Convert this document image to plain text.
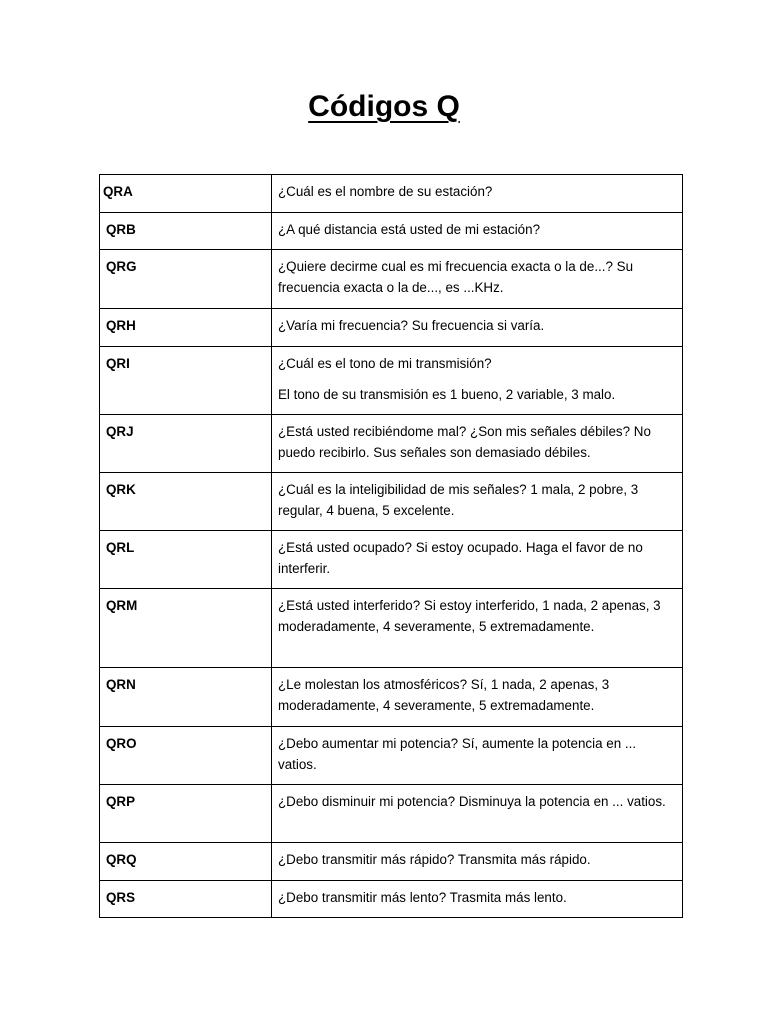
Códigos Q
QRA	¿Cuál es el nombre de su estación?

QRB	¿A qué distancia está usted de mi estación?

QRG	¿Quiere decirme cual es mi frecuencia exacta o la de...? Su frecuencia exacta o la de..., es ...KHz.

QRH	¿Varía mi frecuencia? Su frecuencia si varía.

QRI	¿Cuál es el tono de mi transmisión?
El tono de su transmisión es 1 bueno, 2 variable, 3 malo.

QRJ	¿Está usted recibiéndome mal? ¿Son mis señales débiles? No puedo recibirlo. Sus señales son demasiado débiles.

QRK	¿Cuál es la inteligibilidad de mis señales? 1 mala, 2 pobre, 3 regular, 4 buena, 5 excelente.

QRL	¿Está usted ocupado? Si estoy ocupado. Haga el favor de no interferir.

QRM	¿Está usted interferido? Si estoy interferido, 1 nada, 2 apenas, 3 moderadamente, 4 severamente, 5 extremadamente.

QRN	¿Le molestan los atmosféricos? Sí, 1 nada, 2 apenas, 3 moderadamente, 4 severamente, 5 extremadamente.

QRO	¿Debo aumentar mi potencia? Sí, aumente la potencia en ... vatios.

QRP	¿Debo disminuir mi potencia? Disminuya la potencia en ... vatios.

QRQ	¿Debo transmitir más rápido? Transmita más rápido.

QRS	¿Debo transmitir más lento? Trasmita más lento.
